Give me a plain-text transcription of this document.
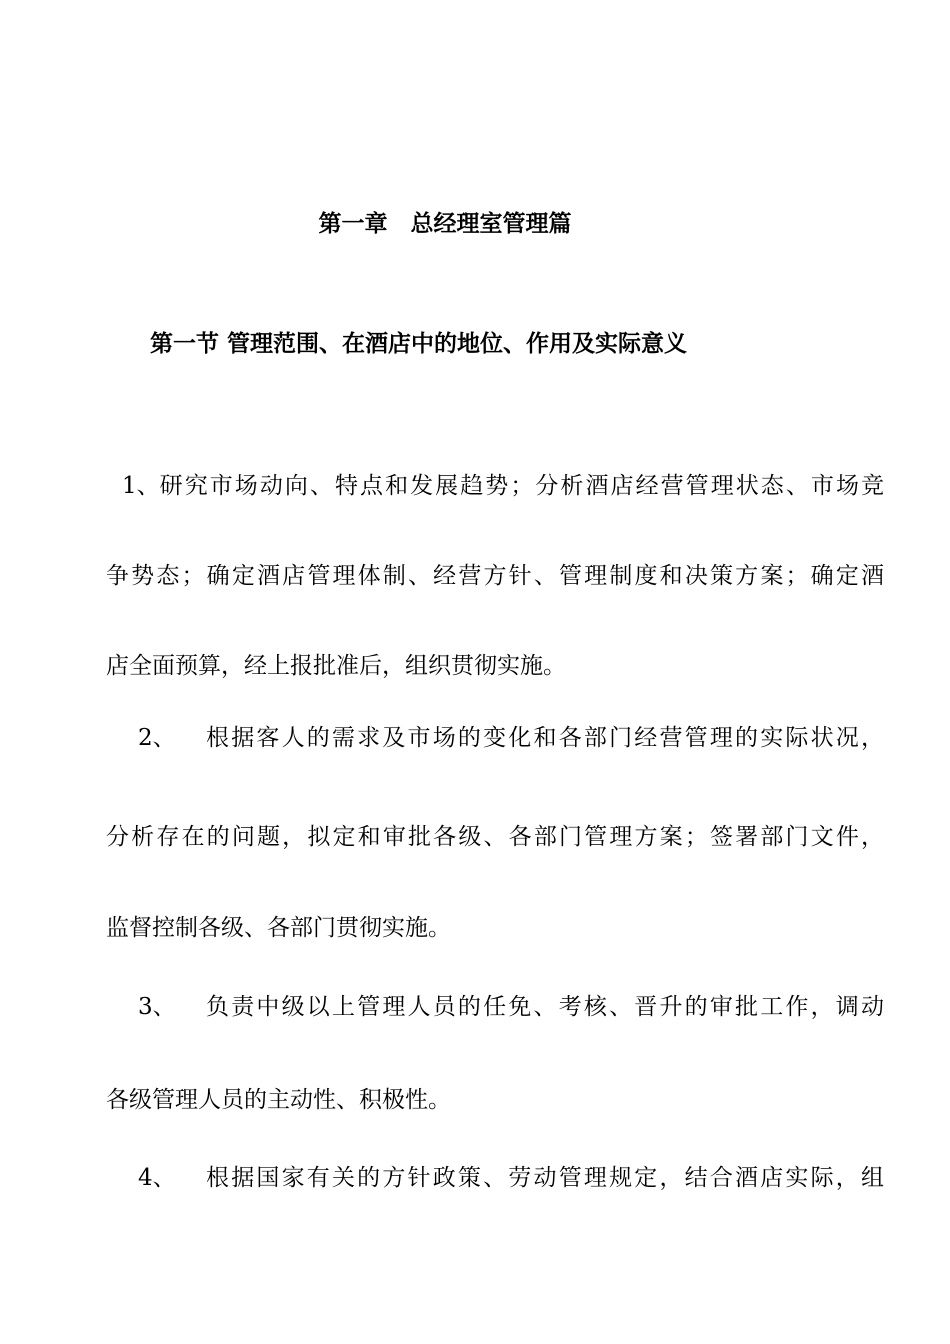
第一章　总经理室管理篇
第一节 管理范围、在酒店中的地位、作用及实际意义
1、 研究市场动向、特点和发展趋势；分析酒店经营管理状态、市场竞
争势态；确定酒店管理体制、经营方针、管理制度和决策方案；确定酒
店全面预算，经上报批准后，组织贯彻实施。
2、	根据客人的需求及市场的变化和各部门经营管理的实际状况，
分析存在的问题，拟定和审批各级、各部门管理方案；签署部门文件，
监督控制各级、各部门贯彻实施。
3、	负责中级以上管理人员的任免、考核、晋升的审批工作，调动
各级管理人员的主动性、积极性。
4、	根据国家有关的方针政策、劳动管理规定，结合酒店实际，组
